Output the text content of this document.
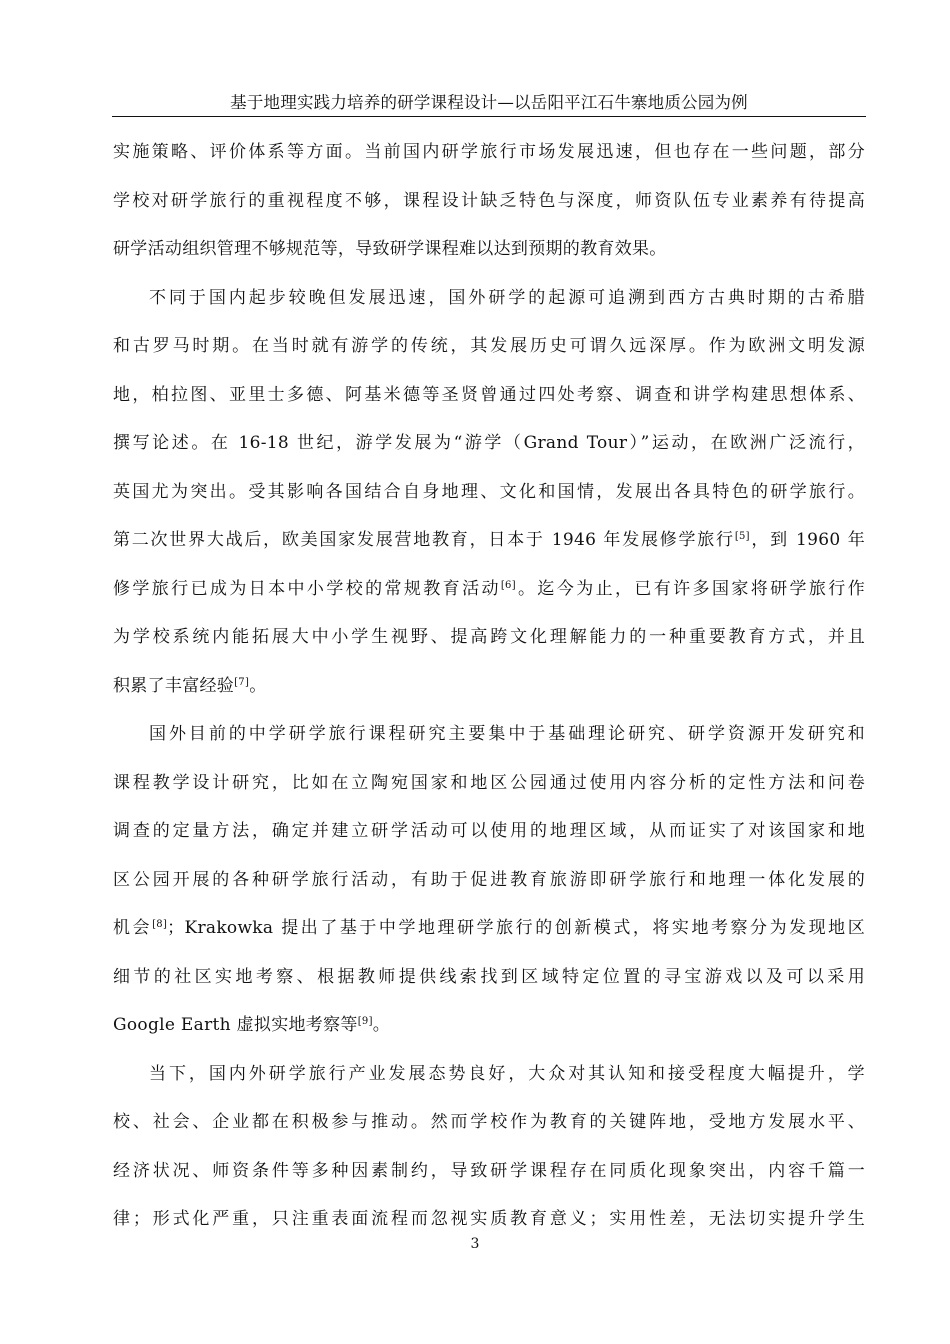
基于地理实践力培养的研学课程设计—以岳阳平江石牛寨地质公园为例

实施策略、评价体系等方面。当前国内研学旅行市场发展迅速，但也存在一些问题，部分
学校对研学旅行的重视程度不够，课程设计缺乏特色与深度，师资队伍专业素养有待提高
研学活动组织管理不够规范等，导致研学课程难以达到预期的教育效果。

不同于国内起步较晚但发展迅速，国外研学的起源可追溯到西方古典时期的古希腊
和古罗马时期。在当时就有游学的传统，其发展历史可谓久远深厚。作为欧洲文明发源
地，柏拉图、亚里士多德、阿基米德等圣贤曾通过四处考察、调查和讲学构建思想体系、
撰写论述。在 16-18 世纪，游学发展为“游学（Grand Tour）”运动，在欧洲广泛流行，
英国尤为突出。受其影响各国结合自身地理、文化和国情，发展出各具特色的研学旅行。
第二次世界大战后，欧美国家发展营地教育，日本于 1946 年发展修学旅行[5]，到 1960 年
修学旅行已成为日本中小学校的常规教育活动[6]。迄今为止，已有许多国家将研学旅行作
为学校系统内能拓展大中小学生视野、提高跨文化理解能力的一种重要教育方式，并且
积累了丰富经验[7]。

国外目前的中学研学旅行课程研究主要集中于基础理论研究、研学资源开发研究和
课程教学设计研究，比如在立陶宛国家和地区公园通过使用内容分析的定性方法和问卷
调查的定量方法，确定并建立研学活动可以使用的地理区域，从而证实了对该国家和地
区公园开展的各种研学旅行活动，有助于促进教育旅游即研学旅行和地理一体化发展的
机会[8]；Krakowka 提出了基于中学地理研学旅行的创新模式，将实地考察分为发现地区
细节的社区实地考察、根据教师提供线索找到区域特定位置的寻宝游戏以及可以采用
Google Earth 虚拟实地考察等[9]。

当下，国内外研学旅行产业发展态势良好，大众对其认知和接受程度大幅提升，学
校、社会、企业都在积极参与推动。然而学校作为教育的关键阵地，受地方发展水平、
经济状况、师资条件等多种因素制约，导致研学课程存在同质化现象突出，内容千篇一
律；形式化严重，只注重表面流程而忽视实质教育意义；实用性差，无法切实提升学生

3
